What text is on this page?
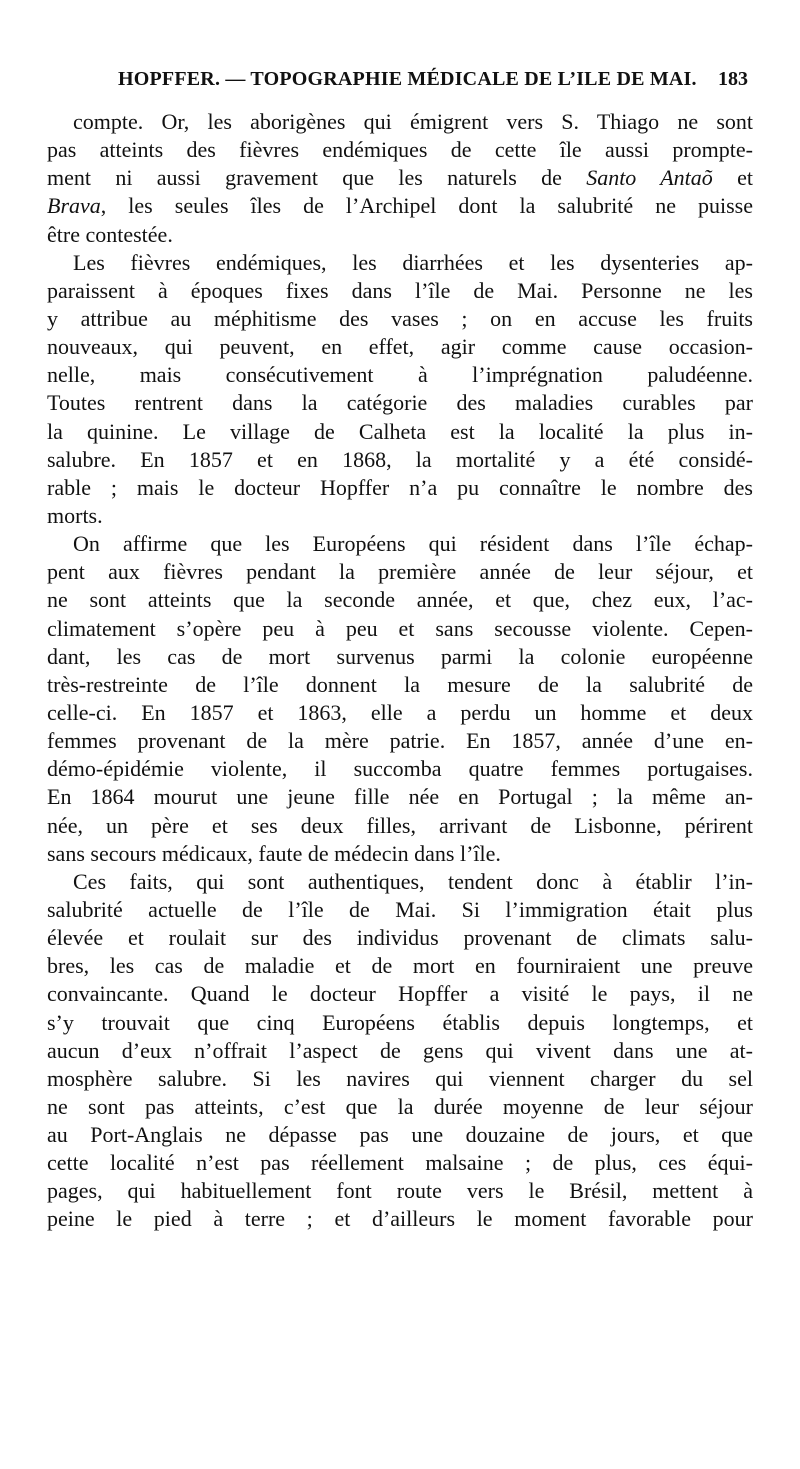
HOPFFER. — TOPOGRAPHIE MÉDICALE DE L’ILE DE MAI. 183
compte. Or, les aborigènes qui émigrent vers S. Thiago ne sont
pas atteints des fièvres endémiques de cette île aussi prompte-
ment ni aussi gravement que les naturels de Santo Antaõ et
Brava, les seules îles de l’Archipel dont la salubrité ne puisse
être contestée.
Les fièvres endémiques, les diarrhées et les dysenteries ap-
paraissent à époques fixes dans l’île de Mai. Personne ne les
y attribue au méphitisme des vases ; on en accuse les fruits
nouveaux, qui peuvent, en effet, agir comme cause occasion-
nelle, mais consécutivement à l’imprégnation paludéenne.
Toutes rentrent dans la catégorie des maladies curables par
la quinine. Le village de Calheta est la localité la plus in-
salubre. En 1857 et en 1868, la mortalité y a été considé-
rable ; mais le docteur Hopffer n’a pu connaître le nombre des
morts.
On affirme que les Européens qui résident dans l’île échap-
pent aux fièvres pendant la première année de leur séjour, et
ne sont atteints que la seconde année, et que, chez eux, l’ac-
climatement s’opère peu à peu et sans secousse violente. Cepen-
dant, les cas de mort survenus parmi la colonie européenne
très-restreinte de l’île donnent la mesure de la salubrité de
celle-ci. En 1857 et 1863, elle a perdu un homme et deux
femmes provenant de la mère patrie. En 1857, année d’une en-
démo-épidémie violente, il succomba quatre femmes portugaises.
En 1864 mourut une jeune fille née en Portugal ; la même an-
née, un père et ses deux filles, arrivant de Lisbonne, périrent
sans secours médicaux, faute de médecin dans l’île.
Ces faits, qui sont authentiques, tendent donc à établir l’in-
salubrité actuelle de l’île de Mai. Si l’immigration était plus
élevée et roulait sur des individus provenant de climats salu-
bres, les cas de maladie et de mort en fourniraient une preuve
convaincante. Quand le docteur Hopffer a visité le pays, il ne
s’y trouvait que cinq Européens établis depuis longtemps, et
aucun d’eux n’offrait l’aspect de gens qui vivent dans une at-
mosphère salubre. Si les navires qui viennent charger du sel
ne sont pas atteints, c’est que la durée moyenne de leur séjour
au Port-Anglais ne dépasse pas une douzaine de jours, et que
cette localité n’est pas réellement malsaine ; de plus, ces équi-
pages, qui habituellement font route vers le Brésil, mettent à
peine le pied à terre ; et d’ailleurs le moment favorable pour
